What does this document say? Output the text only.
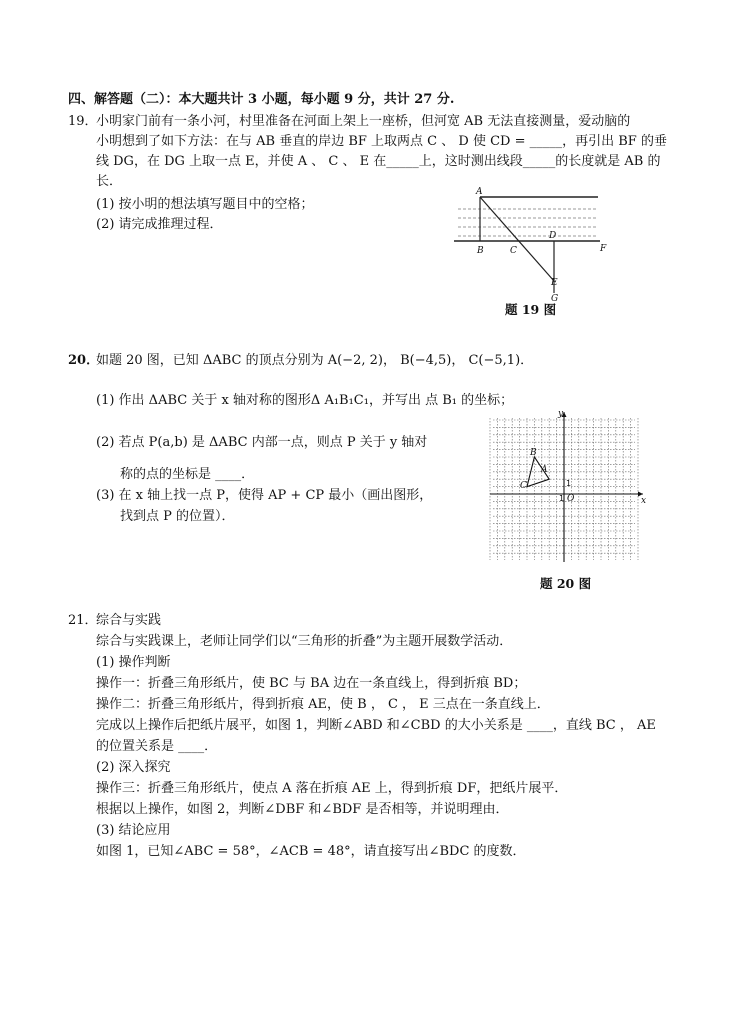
四、解答题（二）：本大题共计 3 小题，每小题 9 分，共计 27 分.
19．
小明家门前有一条小河，村里准备在河面上架上一座桥，但河宽 AB 无法直接测量，爱动脑的
小明想到了如下方法：在与 AB 垂直的岸边 BF 上取两点 C 、 D 使 CD = _____，再引出 BF 的垂
线 DG，在 DG 上取一点 E，并使 A 、 C 、 E 在_____上，这时测出线段_____的长度就是 AB 的
长．
(1) 按小明的想法填写题目中的空格；
(2) 请完成推理过程．
A
B	C
D
F
E
G
题 19 图
20．
如题 20 图，已知 ΔABC 的顶点分别为 A(−2, 2)， B(−4,5)， C(−5,1)．
(1) 作出 ΔABC 关于 x 轴对称的图形Δ A₁B₁C₁，并写出 点 B₁ 的坐标；
(2) 若点 P(a,b) 是 ΔABC 内部一点，则点 P 关于 y 轴对
称的点的坐标是 ____．
(3) 在 x 轴上找一点 P，使得 AP + CP 最小（画出图形，
找到点 P 的位置）．
B
A
C
O
1
1
x
y
题 20 图
21．
综合与实践
综合与实践课上，老师让同学们以“三角形的折叠”为主题开展数学活动．
(1) 操作判断
操作一：折叠三角形纸片，使 BC 与 BA 边在一条直线上，得到折痕 BD；
操作二：折叠三角形纸片，得到折痕 AE，使 B ， C ， E 三点在一条直线上．
完成以上操作后把纸片展平，如图 1，判断∠ABD 和∠CBD 的大小关系是 ____，直线 BC ， AE
的位置关系是 ____．
(2) 深入探究
操作三：折叠三角形纸片，使点 A 落在折痕 AE 上，得到折痕 DF，把纸片展平．
根据以上操作，如图 2，判断∠DBF 和∠BDF 是否相等，并说明理由．
(3) 结论应用
如图 1，已知∠ABC = 58°，∠ACB = 48°，请直接写出∠BDC 的度数．
